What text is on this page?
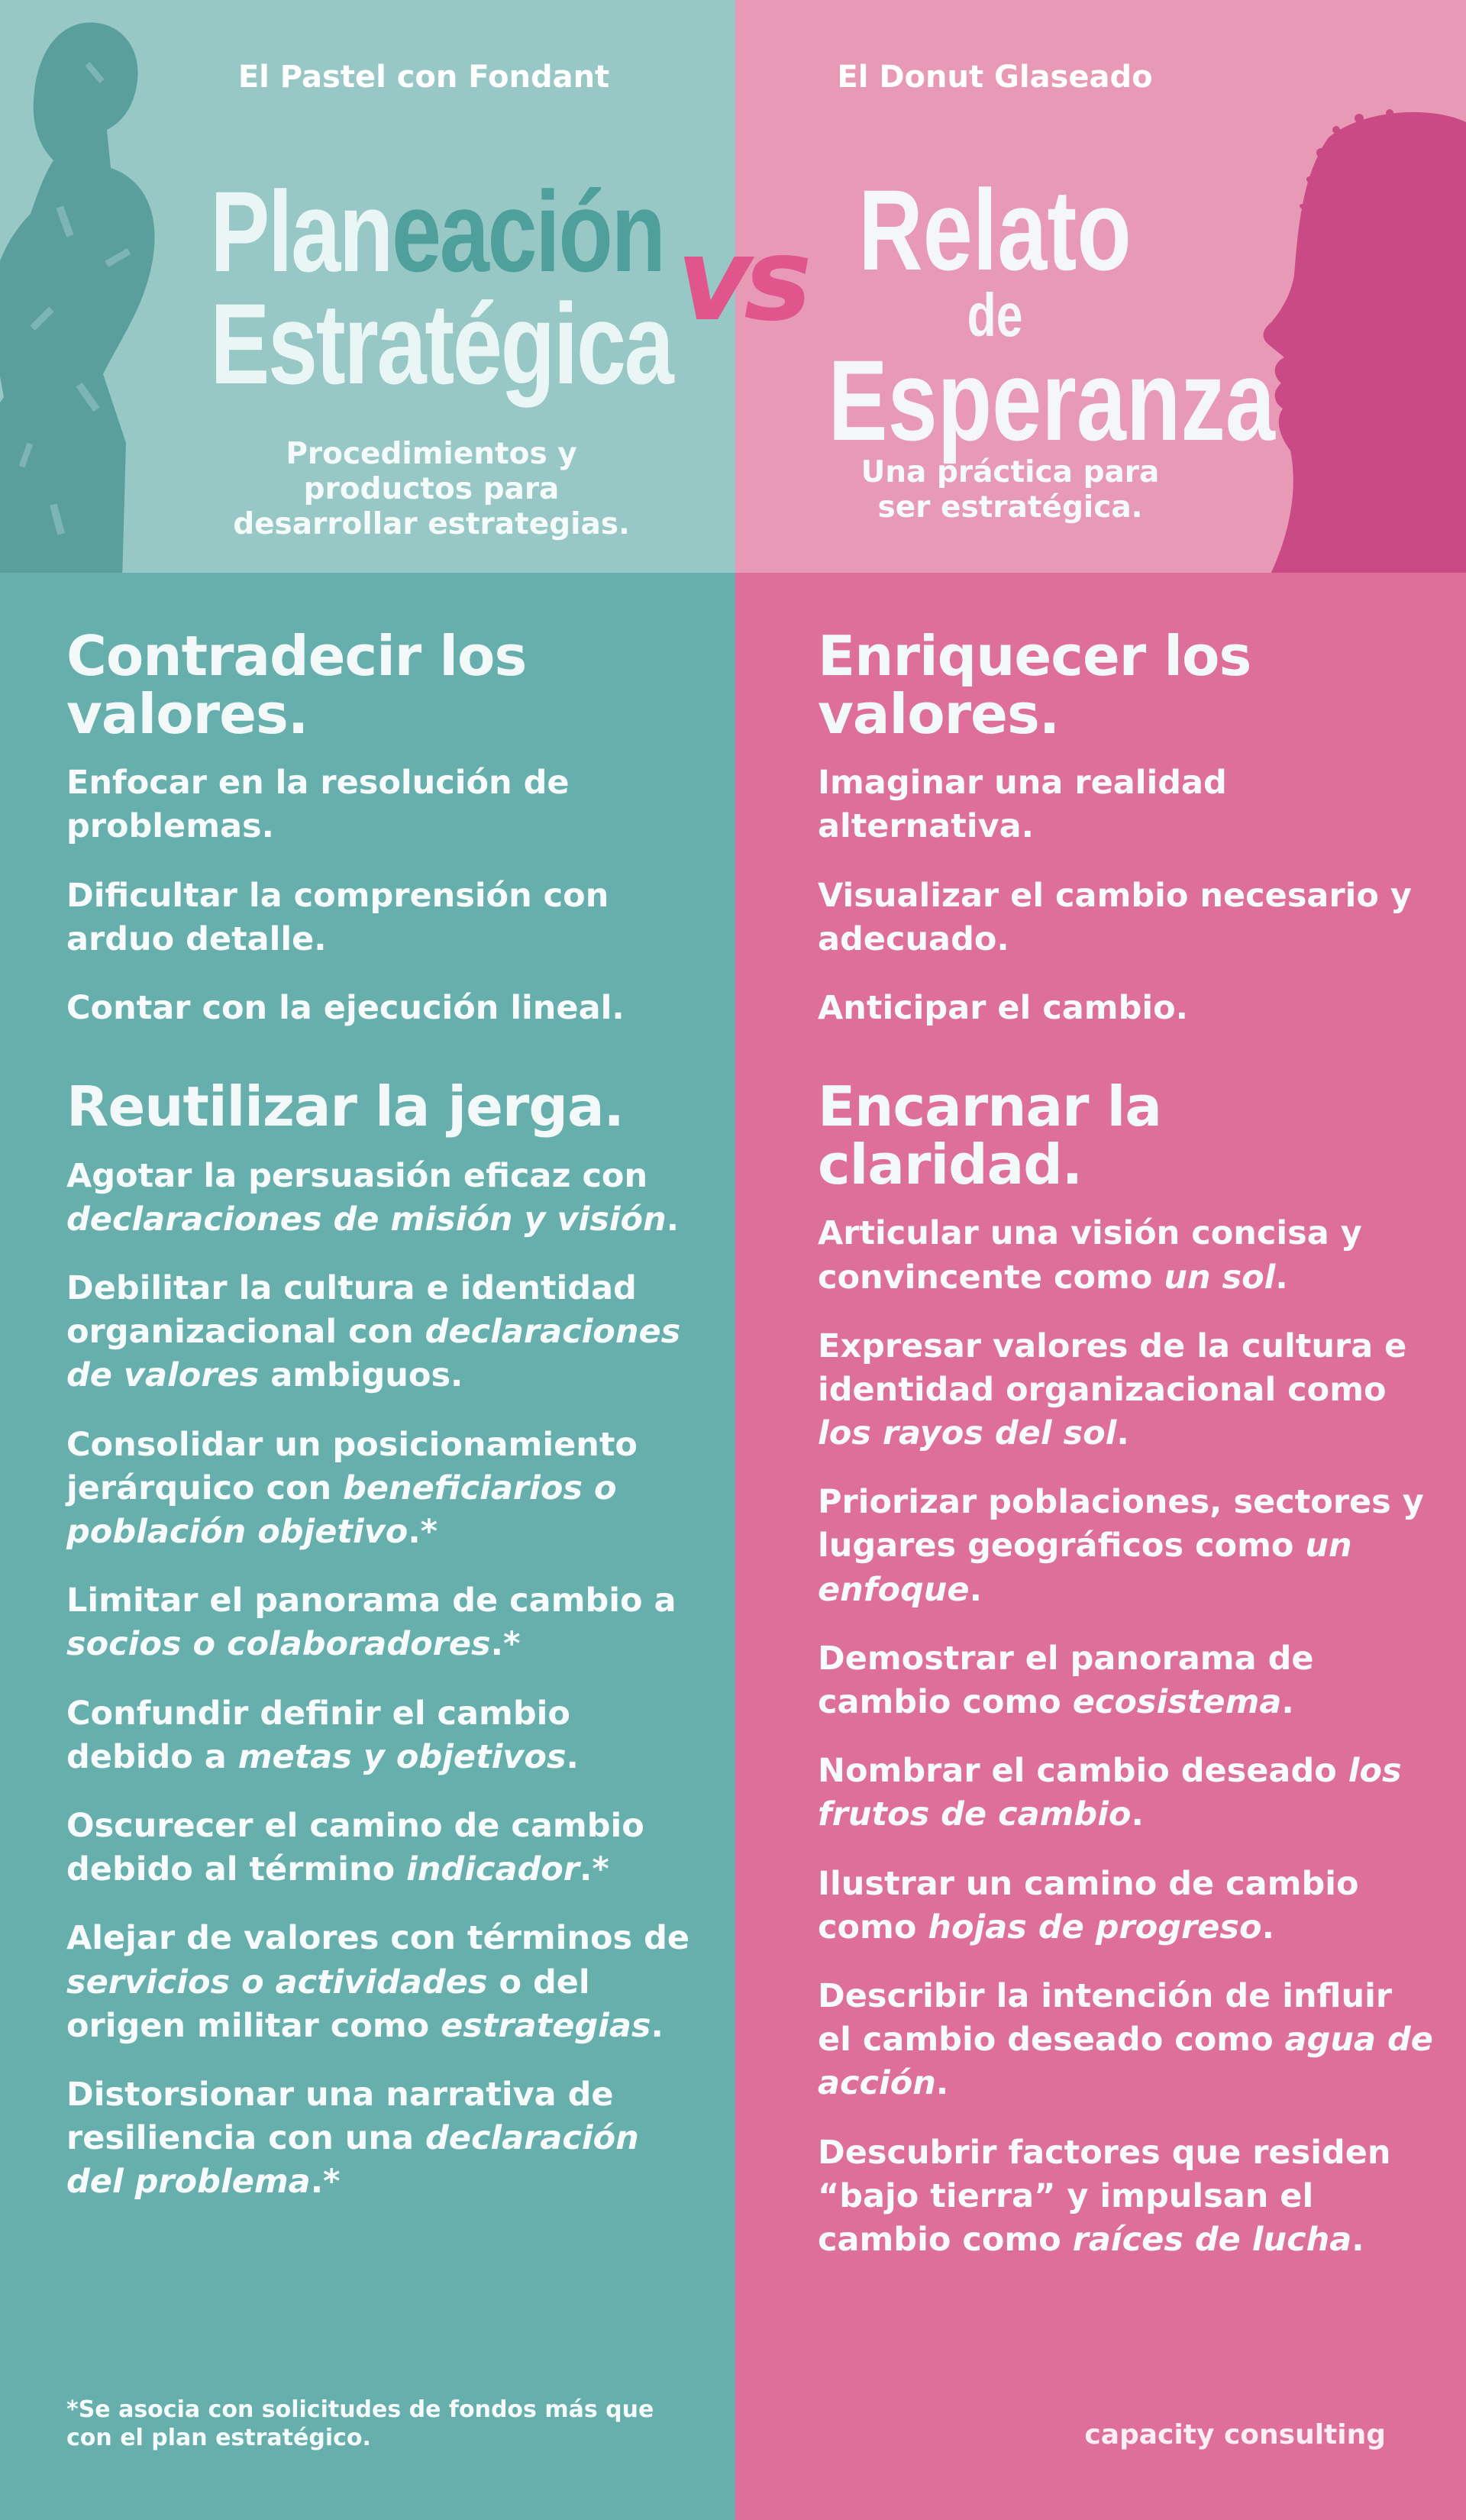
El Pastel con Fondant
Planeación
Estratégica
Procedimientos y productos para desarrollar estrategias.
El Donut Glaseado
Relato
de
Esperanza
Una práctica para ser estratégica.
vs
Contradecir los valores.
Enfocar en la resolución de problemas.
Dificultar la comprensión con arduo detalle.
Contar con la ejecución lineal.
Reutilizar la jerga.
Agotar la persuasión eficaz con declaraciones de misión y visión.
Debilitar la cultura e identidad organizacional con declaraciones de valores ambiguos.
Consolidar un posicionamiento jerárquico con beneficiarios o población objetivo.*
Limitar el panorama de cambio a socios o colaboradores.*
Confundir definir el cambio debido a metas y objetivos.
Oscurecer el camino de cambio debido al término indicador.*
Alejar de valores con términos de servicios o actividades o del origen militar como estrategias.
Distorsionar una narrativa de resiliencia con una declaración del problema.*
Enriquecer los valores.
Imaginar una realidad alternativa.
Visualizar el cambio necesario y adecuado.
Anticipar el cambio.
Encarnar la claridad.
Articular una visión concisa y convincente como un sol.
Expresar valores de la cultura e identidad organizacional como los rayos del sol.
Priorizar poblaciones, sectores y lugares geográficos como un enfoque.
Demostrar el panorama de cambio como ecosistema.
Nombrar el cambio deseado los frutos de cambio.
Ilustrar un camino de cambio como hojas de progreso.
Describir la intención de influir el cambio deseado como agua de acción.
Descubrir factores que residen “bajo tierra” y impulsan el cambio como raíces de lucha.
*Se asocia con solicitudes de fondos más que con el plan estratégico.	capacity consulting
